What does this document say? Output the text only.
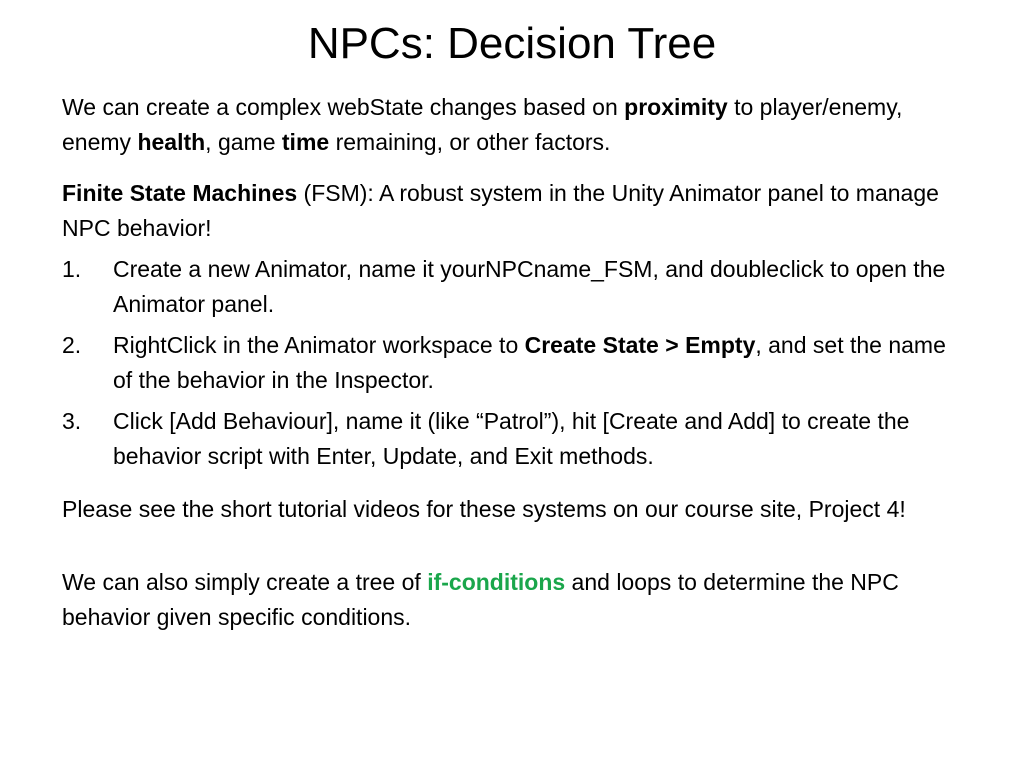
NPCs: Decision Tree

We can create a complex webState changes based on proximity to player/enemy, enemy health, game time remaining, or other factors.

Finite State Machines (FSM): A robust system in the Unity Animator panel to manage NPC behavior!

1. Create a new Animator, name it yourNPCname_FSM, and doubleclick to open the Animator panel.
2. RightClick in the Animator workspace to Create State > Empty, and set the name of the behavior in the Inspector.
3. Click [Add Behaviour], name it (like “Patrol”), hit [Create and Add] to create the behavior script with Enter, Update, and Exit methods.

Please see the short tutorial videos for these systems on our course site, Project 4!

We can also simply create a tree of if-conditions and loops to determine the NPC behavior given specific conditions.
